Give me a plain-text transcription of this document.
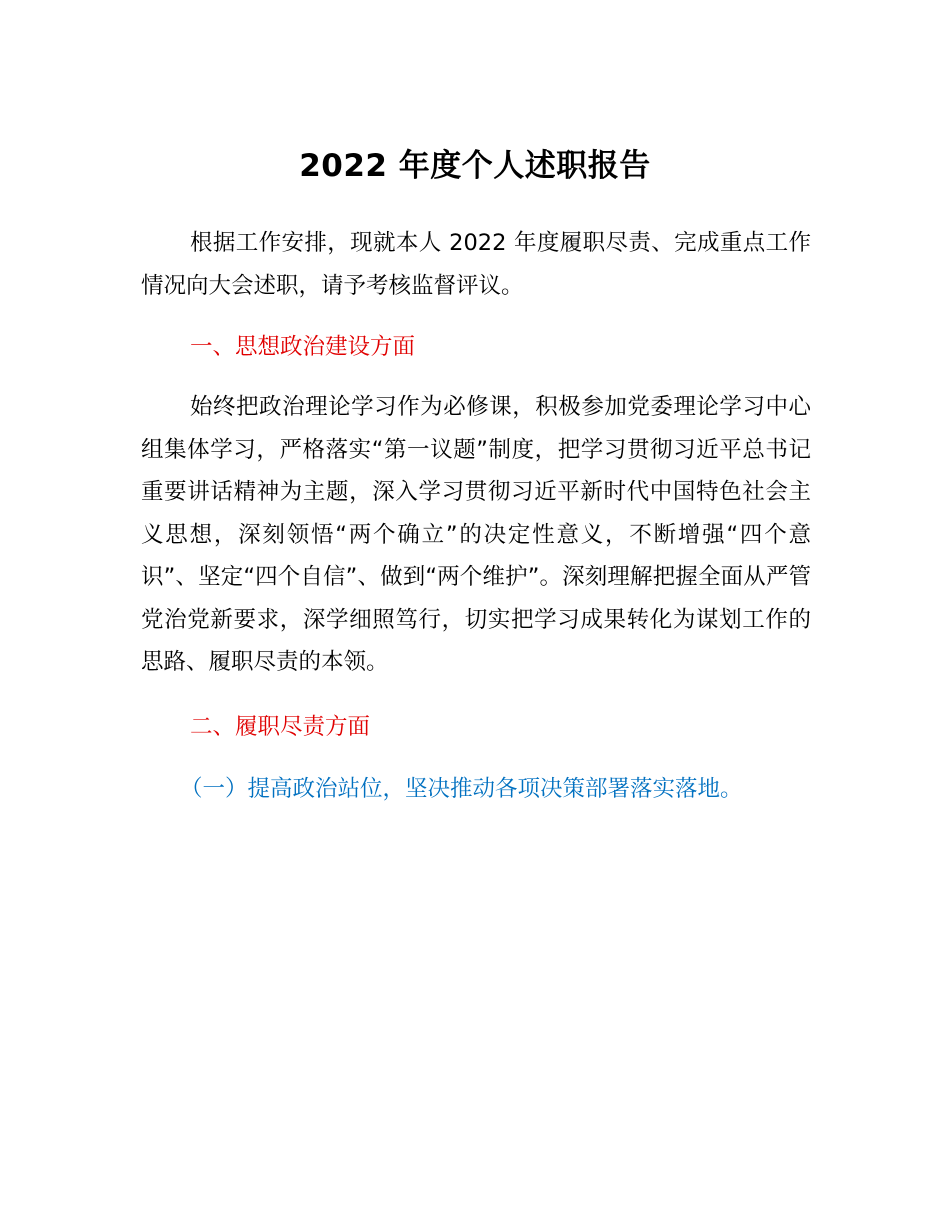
2022 年度个人述职报告

根据工作安排，现就本人 2022 年度履职尽责、完成重点工作情况向大会述职，请予考核监督评议。

一、思想政治建设方面

始终把政治理论学习作为必修课，积极参加党委理论学习中心组集体学习，严格落实“第一议题”制度，把学习贯彻习近平总书记重要讲话精神为主题，深入学习贯彻习近平新时代中国特色社会主义思想，深刻领悟“两个确立”的决定性意义，不断增强“四个意识”、坚定“四个自信”、做到“两个维护”。深刻理解把握全面从严管党治党新要求，深学细照笃行，切实把学习成果转化为谋划工作的思路、履职尽责的本领。

二、履职尽责方面

（一）提高政治站位，坚决推动各项决策部署落实落地。
